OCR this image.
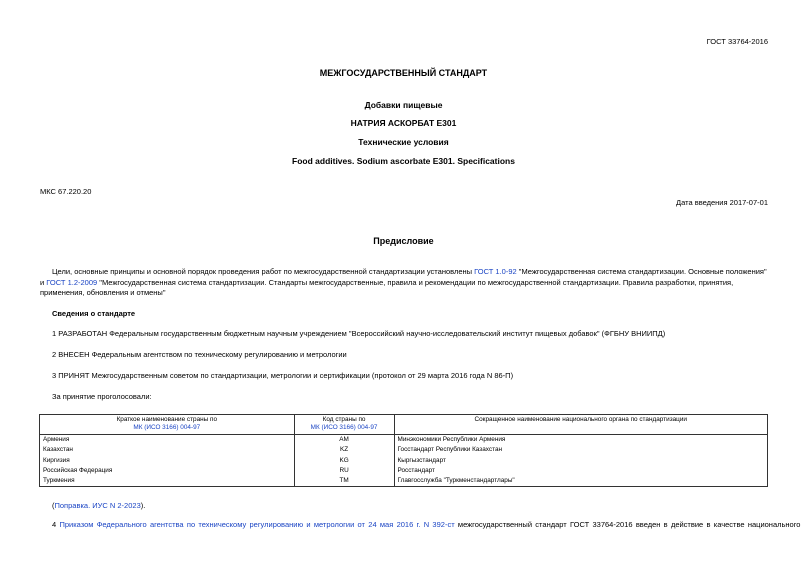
ГОСТ 33764-2016
МЕЖГОСУДАРСТВЕННЫЙ СТАНДАРТ
Добавки пищевые
НАТРИЯ АСКОРБАТ Е301
Технические условия
Food additives. Sodium ascorbate E301. Specifications
МКС 67.220.20
Дата введения 2017-07-01
Предисловие
Цели, основные принципы и основной порядок проведения работ по межгосударственной стандартизации установлены ГОСТ 1.0-92 "Межгосударственная система стандартизации. Основные положения" и ГОСТ 1.2-2009 "Межгосударственная система стандартизации. Стандарты межгосударственные, правила и рекомендации по межгосударственной стандартизации. Правила разработки, принятия, применения, обновления и отмены"
Сведения о стандарте
1 РАЗРАБОТАН Федеральным государственным бюджетным научным учреждением "Всероссийский научно-исследовательский институт пищевых добавок" (ФГБНУ ВНИИПД)
2 ВНЕСЕН Федеральным агентством по техническому регулированию и метрологии
3 ПРИНЯТ Межгосударственным советом по стандартизации, метрологии и сертификации (протокол от 29 марта 2016 года N 86-П)
За принятие проголосовали:
Краткое наименование страны по
МК (ИСО 3166) 004-97	Код страны по
МК (ИСО 3166) 004-97	Сокращенное наименование национального органа по стандартизации
Армения	AM	Минэкономики Республики Армения
Казахстан	KZ	Госстандарт Республики Казахстан
Киргизия	KG	Кыргызстандарт
Российская Федерация	RU	Росстандарт
Туркмения	TM	Главгосслужба "Туркменстандартлары"
(Поправка. ИУС N 2-2023).
4 Приказом Федерального агентства по техническому регулированию и метрологии от 24 мая 2016 г. N 392-ст межгосударственный стандарт ГОСТ 33764-2016 введен в действие в качестве национального
